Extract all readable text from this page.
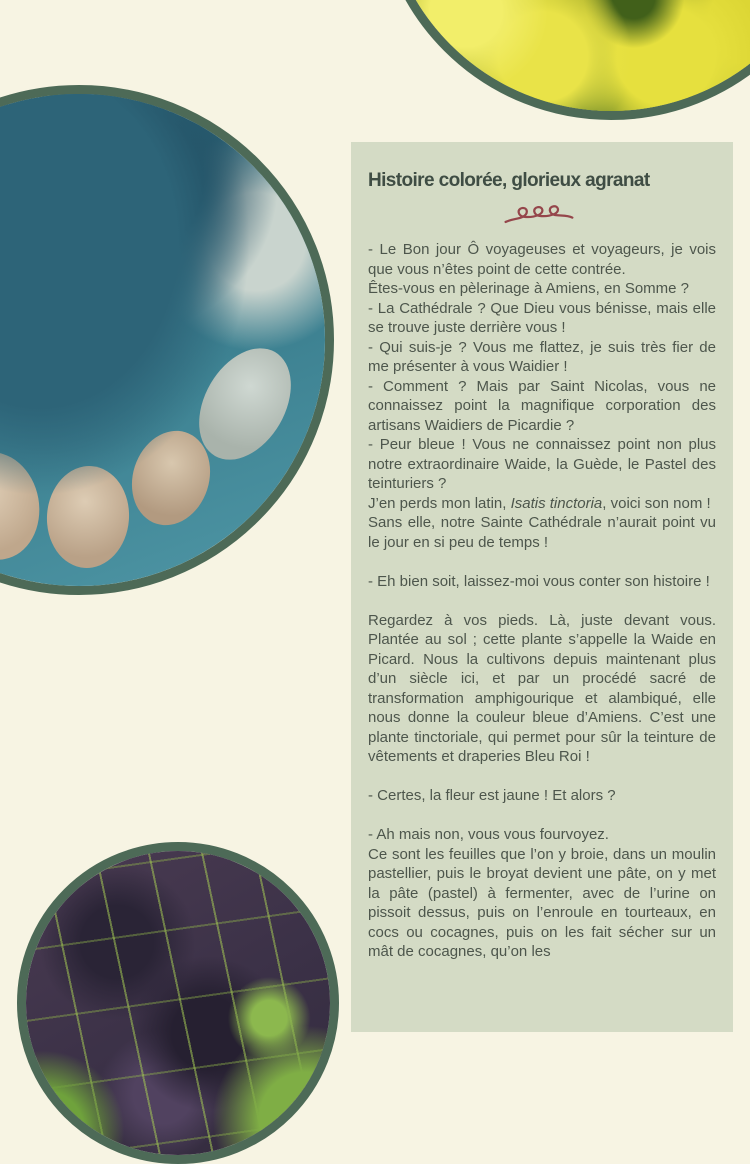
Histoire colorée, glorieux agranat

- Le Bon jour Ô voyageuses et voyageurs, je vois que vous n’êtes point de cette contrée.

Êtes-vous en pèlerinage à Amiens, en Somme ?

- La Cathédrale ? Que Dieu vous bénisse, mais elle se trouve juste derrière vous !

- Qui suis-je ? Vous me flattez, je suis très fier de me présenter à vous Waidier !

- Comment ? Mais par Saint Nicolas, vous ne connaissez point la magnifique corporation des artisans Waidiers de Picardie ?

- Peur bleue ! Vous ne connaissez point non plus notre extraordinaire Waide, la Guède, le Pastel des teinturiers ?

J’en perds mon latin, Isatis tinctoria, voici son nom !

Sans elle, notre Sainte Cathédrale n’aurait point vu le jour en si peu de temps !

- Eh bien soit, laissez-moi vous conter son histoire !

Regardez à vos pieds. Là, juste devant vous. Plantée au sol ; cette plante s’appelle la Waide en Picard. Nous la cultivons depuis maintenant plus d’un siècle ici, et par un procédé sacré de transformation amphigourique et alambiqué, elle nous donne la couleur bleue d’Amiens. C’est une plante tinctoriale, qui permet pour sûr la teinture de vêtements et draperies Bleu Roi !

- Certes, la fleur est jaune ! Et alors ?

- Ah mais non, vous vous fourvoyez.

Ce sont les feuilles que l’on y broie, dans un moulin pastellier, puis le broyat devient une pâte, on y met la pâte (pastel) à fermenter, avec de l’urine on pissoit dessus, puis on l’enroule en tourteaux, en cocs ou cocagnes, puis on les fait sécher sur un mât de cocagnes, qu’on les
